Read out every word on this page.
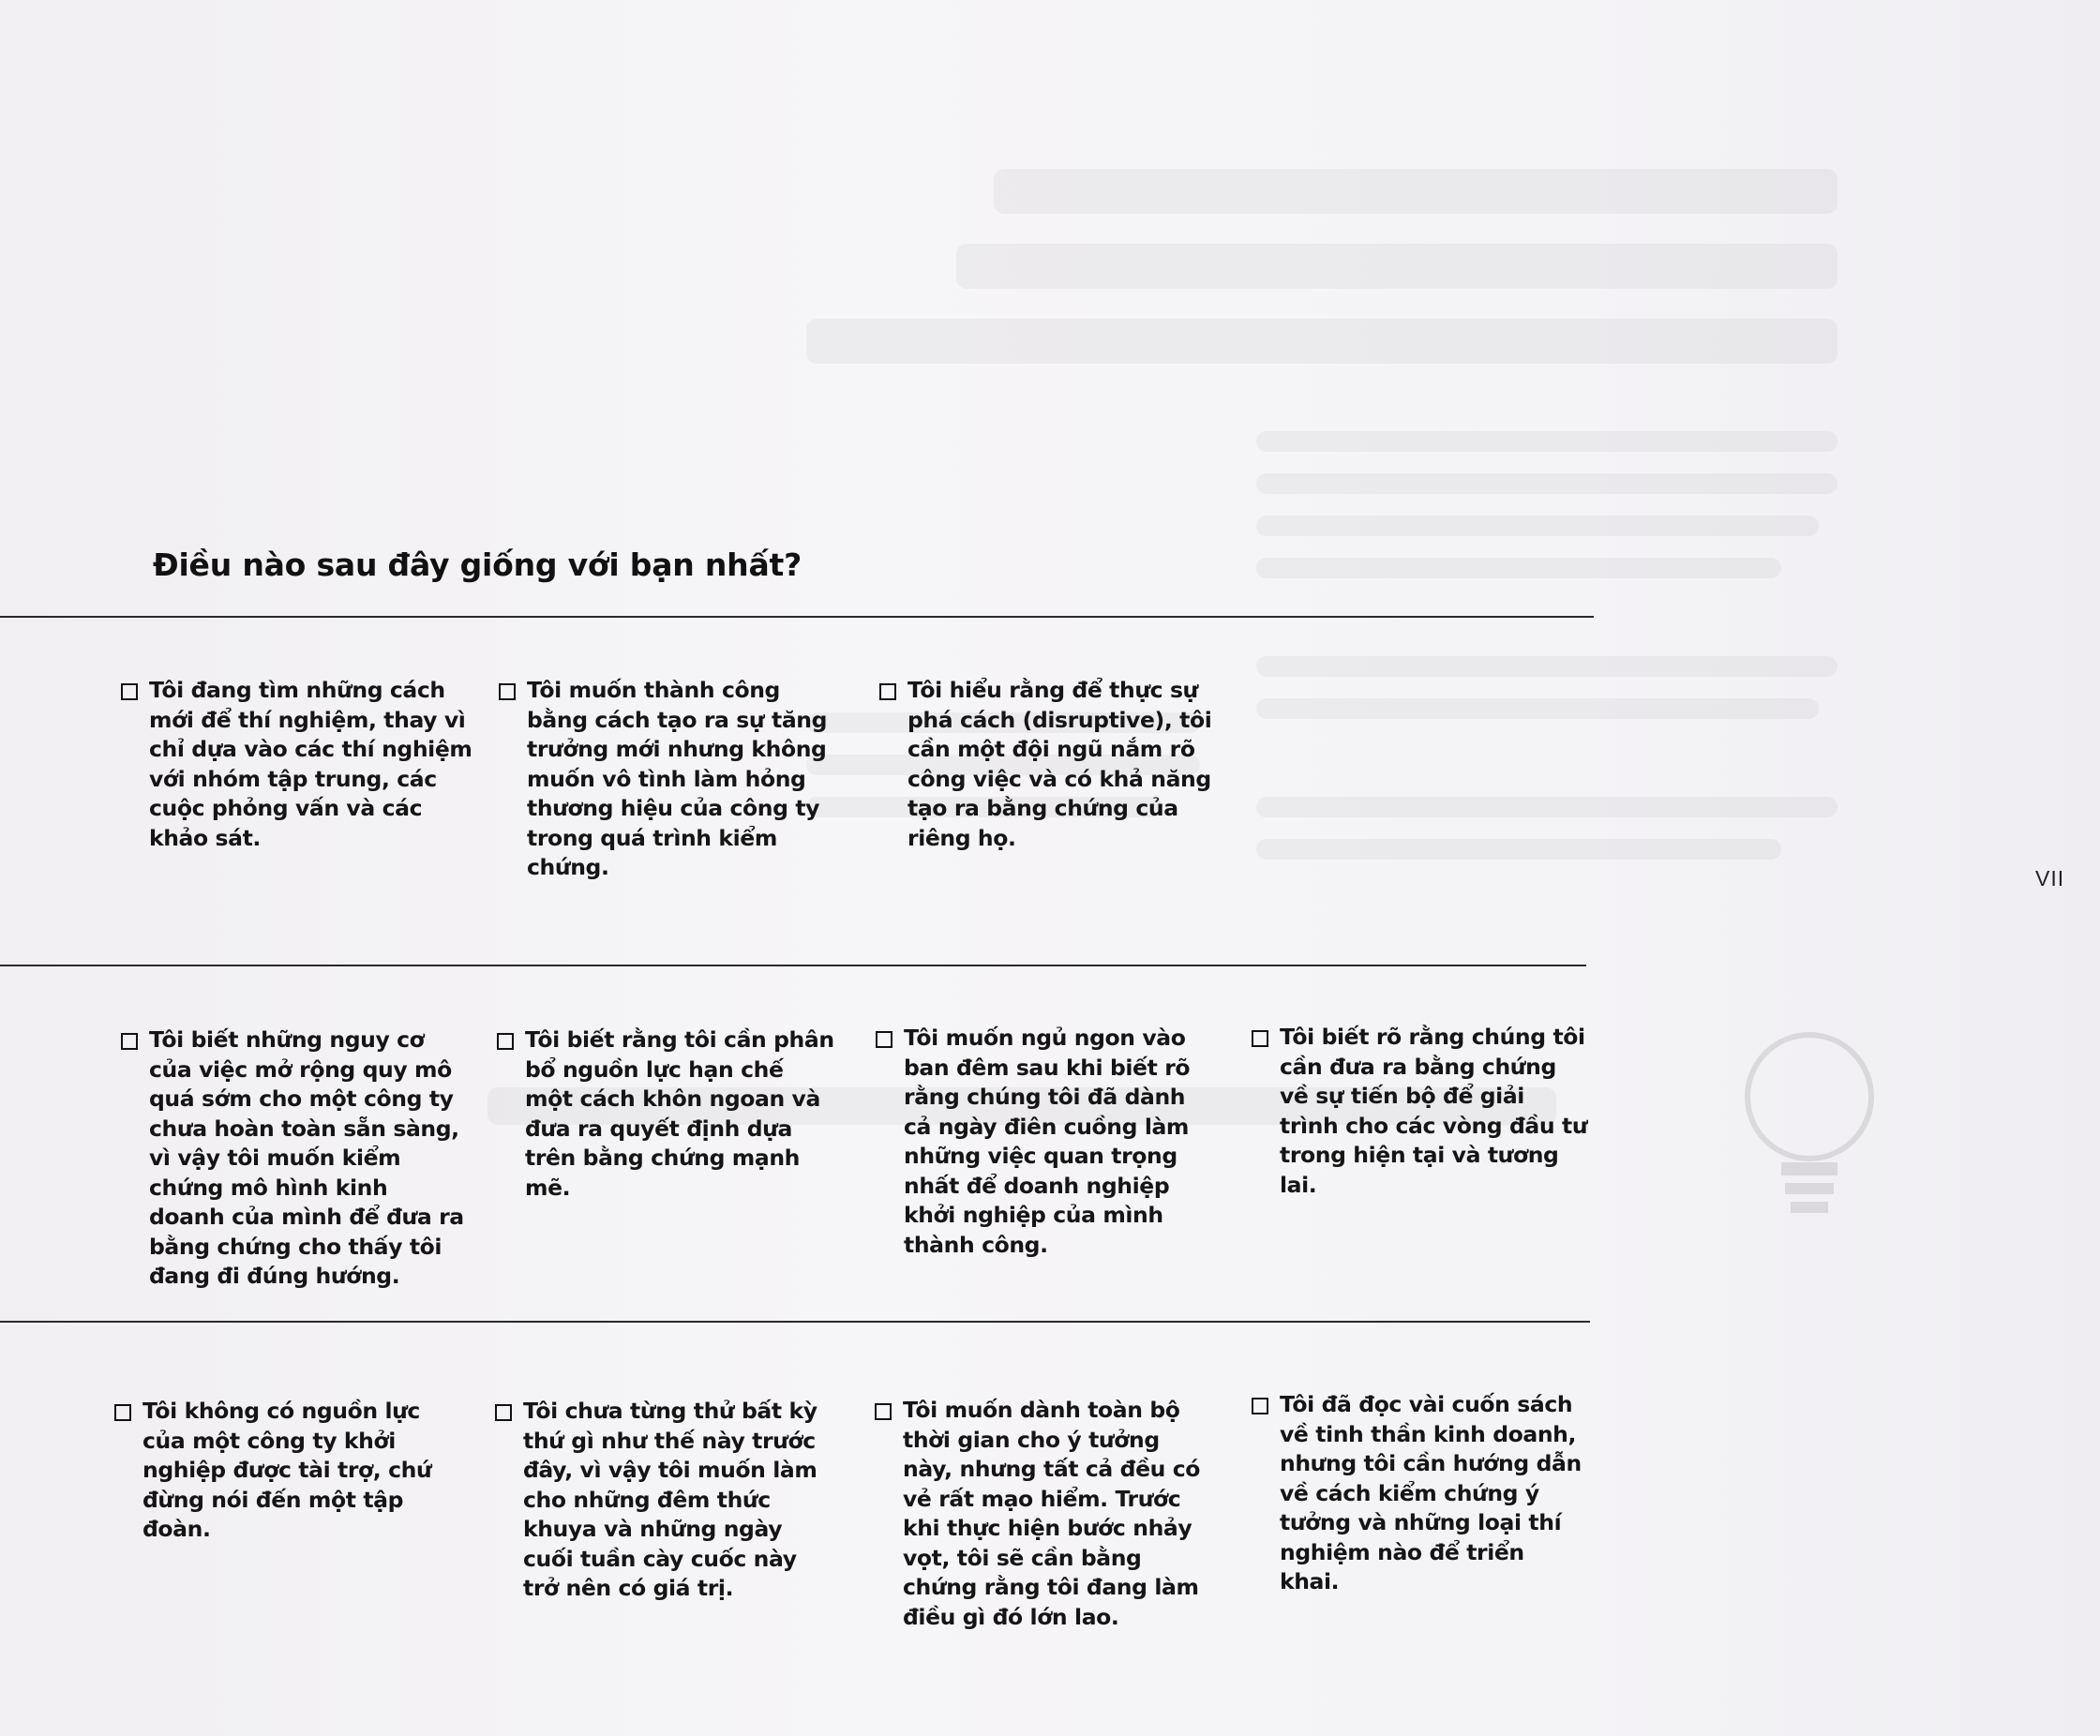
Điều nào sau đây giống với bạn nhất?
Tôi đang tìm những cách mới để thí nghiệm, thay vì chỉ dựa vào các thí nghiệm với nhóm tập trung, các cuộc phỏng vấn và các khảo sát.
Tôi muốn thành công bằng cách tạo ra sự tăng trưởng mới nhưng không muốn vô tình làm hỏng thương hiệu của công ty trong quá trình kiểm chứng.
Tôi hiểu rằng để thực sự phá cách (disruptive), tôi cần một đội ngũ nắm rõ công việc và có khả năng tạo ra bằng chứng của riêng họ.
Tôi biết những nguy cơ của việc mở rộng quy mô quá sớm cho một công ty chưa hoàn toàn sẵn sàng, vì vậy tôi muốn kiểm chứng mô hình kinh doanh của mình để đưa ra bằng chứng cho thấy tôi đang đi đúng hướng.
Tôi biết rằng tôi cần phân bổ nguồn lực hạn chế một cách khôn ngoan và đưa ra quyết định dựa trên bằng chứng mạnh mẽ.
Tôi muốn ngủ ngon vào ban đêm sau khi biết rõ rằng chúng tôi đã dành cả ngày điên cuồng làm những việc quan trọng nhất để doanh nghiệp khởi nghiệp của mình thành công.
Tôi biết rõ rằng chúng tôi cần đưa ra bằng chứng về sự tiến bộ để giải trình cho các vòng đầu tư trong hiện tại và tương lai.
Tôi không có nguồn lực của một công ty khởi nghiệp được tài trợ, chứ đừng nói đến một tập đoàn.
Tôi chưa từng thử bất kỳ thứ gì như thế này trước đây, vì vậy tôi muốn làm cho những đêm thức khuya và những ngày cuối tuần cày cuốc này trở nên có giá trị.
Tôi muốn dành toàn bộ thời gian cho ý tưởng này, nhưng tất cả đều có vẻ rất mạo hiểm. Trước khi thực hiện bước nhảy vọt, tôi sẽ cần bằng chứng rằng tôi đang làm điều gì đó lớn lao.
Tôi đã đọc vài cuốn sách về tinh thần kinh doanh, nhưng tôi cần hướng dẫn về cách kiểm chứng ý tưởng và những loại thí nghiệm nào để triển khai.
VII
